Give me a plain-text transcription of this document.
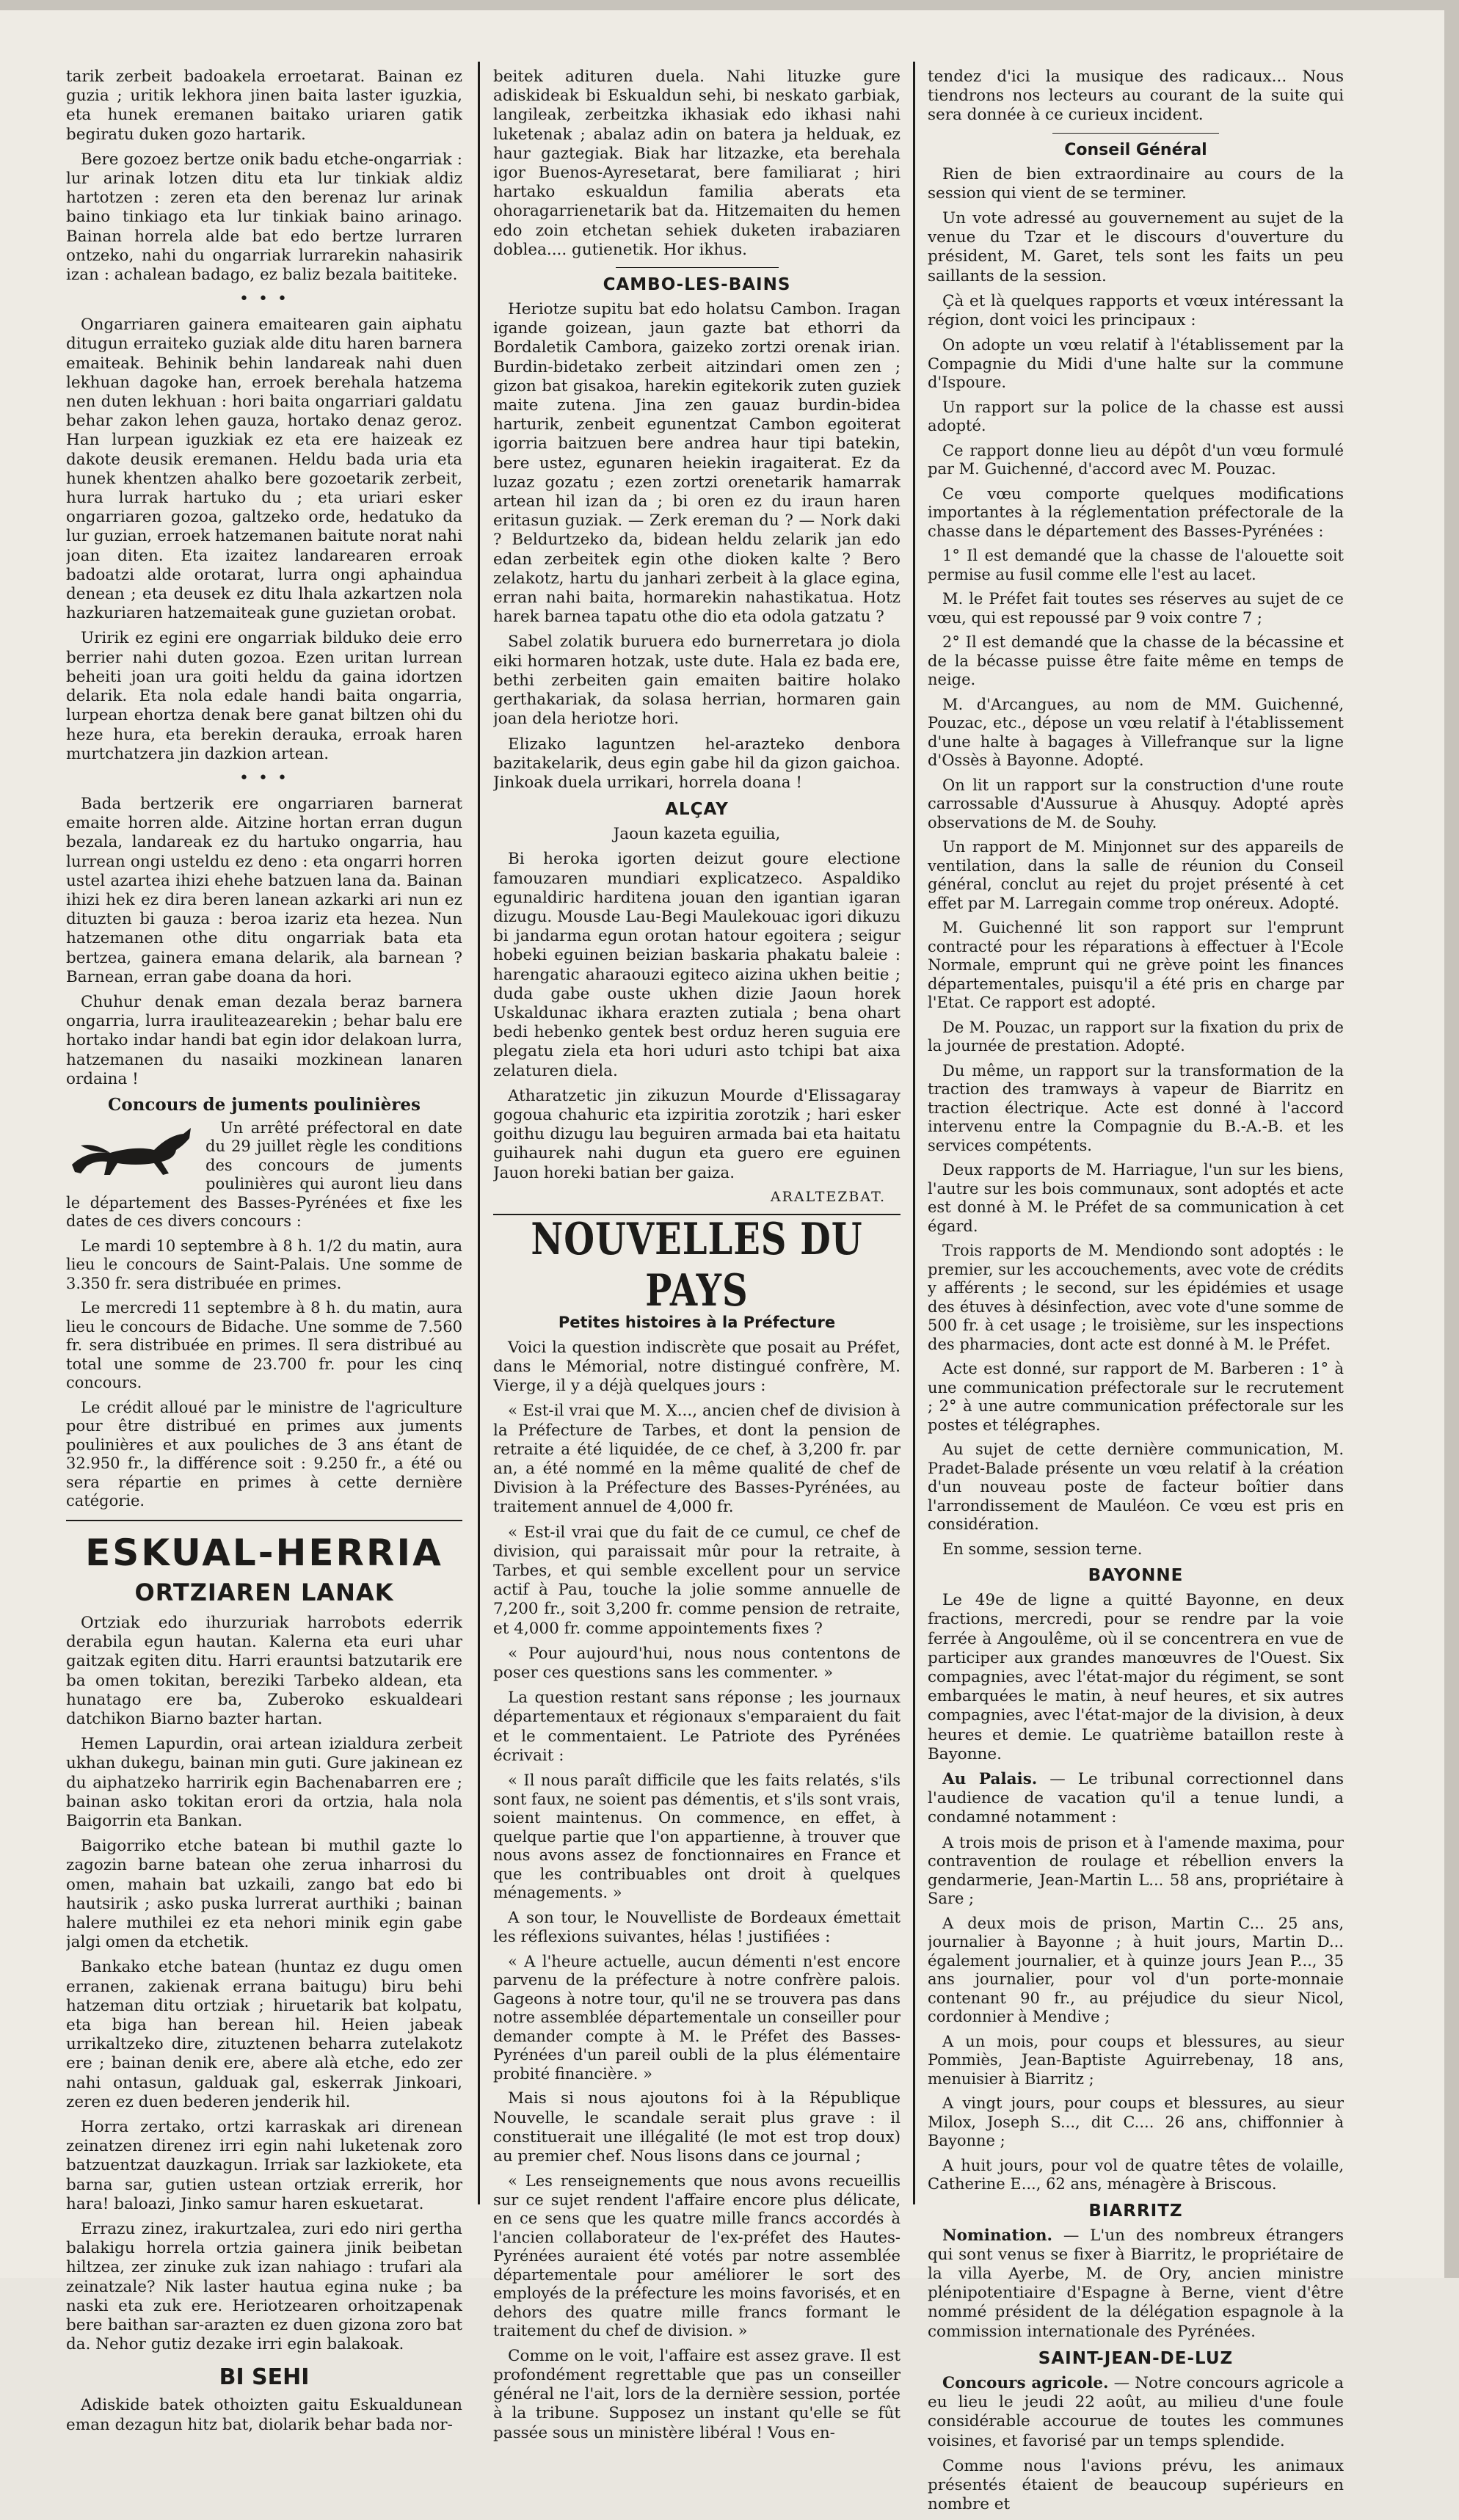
tarik zerbeit badoakela erroetarat. Bainan ez guzia ; uritik lekhora jinen baita laster iguzkia, eta hunek eremanen baitako uriaren gatik begiratu duken gozo hartarik.

Bere gozoez bertze onik badu etche-ongarriak : lur arinak lotzen ditu eta lur tinkiak aldiz hartotzen : zeren eta den berenaz lur arinak baino tinkiago eta lur tinkiak baino arinago. Bainan horrela alde bat edo bertze lurraren ontzeko, nahi du ongarriak lurrarekin nahasirik izan : achalean badago, ez baliz bezala baititeke.

• • •

Ongarriaren gainera emaitearen gain aiphatu ditugun erraiteko guziak alde ditu haren barnera emaiteak. Behinik behin landareak nahi duen lekhuan dagoke han, erroek berehala hatzema nen duten lekhuan : hori baita ongarriari galdatu behar zakon lehen gauza, hortako denaz geroz. Han lurpean iguzkiak ez eta ere haizeak ez dakote deusik eremanen. Heldu bada uria eta hunek khentzen ahalko bere gozoetarik zerbeit, hura lurrak hartuko du ; eta uriari esker ongarriaren gozoa, galtzeko orde, hedatuko da lur guzian, erroek hatzemanen baitute norat nahi joan diten. Eta izaitez landarearen erroak badoatzi alde orotarat, lurra ongi aphaindua denean ; eta deusek ez ditu lhala azkartzen nola hazkuriaren hatzemaiteak gune guzietan orobat.

Uririk ez egini ere ongarriak bilduko deie erro berrier nahi duten gozoa. Ezen uritan lurrean beheiti joan ura goiti heldu da gaina idortzen delarik. Eta nola edale handi baita ongarria, lurpean ehortza denak bere ganat biltzen ohi du heze hura, eta berekin derauka, erroak haren murtchatzera jin dazkion artean.

• • •

Bada bertzerik ere ongarriaren barnerat emaite horren alde. Aitzine hortan erran dugun bezala, landareak ez du hartuko ongarria, hau lurrean ongi usteldu ez deno : eta ongarri horren ustel azartea ihizi ehehe batzuen lana da. Bainan ihizi hek ez dira beren lanean azkarki ari nun ez dituzten bi gauza : beroa izariz eta hezea. Nun hatzemanen othe ditu ongarriak bata eta bertzea, gainera emana delarik, ala barnean ? Barnean, erran gabe doana da hori.

Chuhur denak eman dezala beraz barnera ongarria, lurra irauliteazearekin ; behar balu ere hortako indar handi bat egin idor delakoan lurra, hatzemanen du nasaiki mozkinean lanaren ordaina !

Concours de juments poulinières

Un arrêté préfectoral en date du 29 juillet règle les conditions des concours de juments poulinières qui auront lieu dans le département des Basses-Pyrénées et fixe les dates de ces divers concours :

Le mardi 10 septembre à 8 h. 1/2 du matin, aura lieu le concours de Saint-Palais. Une somme de 3.350 fr. sera distribuée en primes.

Le mercredi 11 septembre à 8 h. du matin, aura lieu le concours de Bidache. Une somme de 7.560 fr. sera distribuée en primes. Il sera distribué au total une somme de 23.700 fr. pour les cinq concours.

Le crédit alloué par le ministre de l'agriculture pour être distribué en primes aux juments poulinières et aux pouliches de 3 ans étant de 32.950 fr., la différence soit : 9.250 fr., a été ou sera répartie en primes à cette dernière catégorie.

ESKUAL-HERRIA
ORTZIAREN LANAK

Ortziak edo ihurzuriak harrobots ederrik derabila egun hautan. Kalerna eta euri uhar gaitzak egiten ditu. Harri erauntsi batzutarik ere ba omen tokitan, bereziki Tarbeko aldean, eta hunatago ere ba, Zuberoko eskualdeari datchikon Biarno bazter hartan.

Hemen Lapurdin, orai artean izialdura zerbeit ukhan dukegu, bainan min guti. Gure jakinean ez du aiphatzeko harririk egin Bachenabarren ere ; bainan asko tokitan erori da ortzia, hala nola Baigorrin eta Bankan.

Baigorriko etche batean bi muthil gazte lo zagozin barne batean ohe zerua inharrosi du omen, mahain bat uzkaili, zango bat edo bi hautsirik ; asko puska lurrerat aurthiki ; bainan halere muthilei ez eta nehori minik egin gabe jalgi omen da etchetik.

Bankako etche batean (huntaz ez dugu omen erranen, zakienak errana baitugu) biru behi hatzeman ditu ortziak ; hiruetarik bat kolpatu, eta biga han berean hil. Heien jabeak urrikaltzeko dire, zituztenen beharra zutelakotz ere ; bainan denik ere, abere alà etche, edo zer nahi ontasun, galduak gal, eskerrak Jinkoari, zeren ez duen bederen jenderik hil.

Horra zertako, ortzi karraskak ari direnean zeinatzen direnez irri egin nahi luketenak zoro batzuentzat dauzkagun. Irriak sar lazkiokete, eta barna sar, gutien ustean ortziak errerik, hor hara! baloazi, Jinko samur haren eskuetarat.

Errazu zinez, irakurtzalea, zuri edo niri gertha balakigu horrela ortzia gainera jinik beibetan hiltzea, zer zinuke zuk izan nahiago : trufari ala zeinatzale? Nik laster hautua egina nuke ; ba naski eta zuk ere. Heriotzearen orhoitzapenak bere baithan sar-arazten ez duen gizona zoro bat da. Nehor gutiz dezake irri egin balakoak.

BI SEHI

Adiskide batek othoizten gaitu Eskualdunean eman dezagun hitz bat, diolarik behar bada nor-

beitek adituren duela. Nahi lituzke gure adiskideak bi Eskualdun sehi, bi neskato garbiak, langileak, zerbeitzka ikhasiak edo ikhasi nahi luketenak ; abalaz adin on batera ja helduak, ez haur gaztegiak. Biak har litzazke, eta berehala igor Buenos-Ayresetarat, bere familiarat ; hiri hartako eskualdun familia aberats eta ohoragarrienetarik bat da. Hitzemaiten du hemen edo zoin etchetan sehiek duketen irabaziaren doblea.... gutienetik. Hor ikhus.

CAMBO-LES-BAINS

Heriotze supitu bat edo holatsu Cambon. Iragan igande goizean, jaun gazte bat ethorri da Bordaletik Cambora, gaizeko zortzi orenak irian. Burdin-bidetako zerbeit aitzindari omen zen ; gizon bat gisakoa, harekin egitekorik zuten guziek maite zutena. Jina zen gauaz burdin-bidea harturik, zenbeit egunentzat Cambon egoiterat igorria baitzuen bere andrea haur tipi batekin, bere ustez, egunaren heiekin iragaiterat. Ez da luzaz gozatu ; ezen zortzi orenetarik hamarrak artean hil izan da ; bi oren ez du iraun haren eritasun guziak. — Zerk ereman du ? — Nork daki ? Beldurtzeko da, bidean heldu zelarik jan edo edan zerbeitek egin othe dioken kalte ? Bero zelakotz, hartu du janhari zerbeit à la glace egina, erran nahi baita, hormarekin nahastikatua. Hotz harek barnea tapatu othe dio eta odola gatzatu ?

Sabel zolatik buruera edo burnerretara jo diola eiki hormaren hotzak, uste dute. Hala ez bada ere, bethi zerbeiten gain emaiten baitire holako gerthakariak, da solasa herrian, hormaren gain joan dela heriotze hori.

Elizako laguntzen hel-arazteko denbora bazitakelarik, deus egin gabe hil da gizon gaichoa. Jinkoak duela urrikari, horrela doana !

ALÇAY

Jaoun kazeta eguilia,

Bi heroka igorten deizut goure electione famouzaren mundiari explicatzeco. Aspaldiko egunaldiric harditena jouan den igantian igaran dizugu. Mousde Lau-Begi Maulekouac igori dikuzu bi jandarma egun orotan hatour egoitera ; seigur hobeki eguinen beizian baskaria phakatu baleie : harengatic aharaouzi egiteco aizina ukhen beitie ; duda gabe ouste ukhen dizie Jaoun horek Uskaldunac ikhara erazten zutiala ; bena ohart bedi hebenko gentek best orduz heren suguia ere plegatu ziela eta hori uduri asto tchipi bat aixa zelaturen diela.

Atharatzetic jin zikuzun Mourde d'Elissagaray gogoua chahuric eta izpiritia zorotzik ; hari esker goithu dizugu lau beguiren armada bai eta haitatu guihaurek nahi dugun eta guero ere eguinen Jauon horeki batian ber gaiza.

ARALTEZBAT.
NOUVELLES DU PAYS
Petites histoires à la Préfecture

Voici la question indiscrète que posait au Préfet, dans le Mémorial, notre distingué confrère, M. Vierge, il y a déjà quelques jours :

« Est-il vrai que M. X..., ancien chef de division à la Préfecture de Tarbes, et dont la pension de retraite a été liquidée, de ce chef, à 3,200 fr. par an, a été nommé en la même qualité de chef de Division à la Préfecture des Basses-Pyrénées, au traitement annuel de 4,000 fr.

« Est-il vrai que du fait de ce cumul, ce chef de division, qui paraissait mûr pour la retraite, à Tarbes, et qui semble excellent pour un service actif à Pau, touche la jolie somme annuelle de 7,200 fr., soit 3,200 fr. comme pension de retraite, et 4,000 fr. comme appointements fixes ?

« Pour aujourd'hui, nous nous contentons de poser ces questions sans les commenter. »

La question restant sans réponse ; les journaux départementaux et régionaux s'emparaient du fait et le commentaient. Le Patriote des Pyrénées écrivait :

« Il nous paraît difficile que les faits relatés, s'ils sont faux, ne soient pas démentis, et s'ils sont vrais, soient maintenus. On commence, en effet, à quelque partie que l'on appartienne, à trouver que nous avons assez de fonctionnaires en France et que les contribuables ont droit à quelques ménagements. »

A son tour, le Nouvelliste de Bordeaux émettait les réflexions suivantes, hélas ! justifiées :

« A l'heure actuelle, aucun démenti n'est encore parvenu de la préfecture à notre confrère palois. Gageons à notre tour, qu'il ne se trouvera pas dans notre assemblée départementale un conseiller pour demander compte à M. le Préfet des Basses-Pyrénées d'un pareil oubli de la plus élémentaire probité financière. »

Mais si nous ajoutons foi à la République Nouvelle, le scandale serait plus grave : il constituerait une illégalité (le mot est trop doux) au premier chef. Nous lisons dans ce journal ;

« Les renseignements que nous avons recueillis sur ce sujet rendent l'affaire encore plus délicate, en ce sens que les quatre mille francs accordés à l'ancien collaborateur de l'ex-préfet des Hautes-Pyrénées auraient été votés par notre assemblée départementale pour améliorer le sort des employés de la préfecture les moins favorisés, et en dehors des quatre mille francs formant le traitement du chef de division. »

Comme on le voit, l'affaire est assez grave. Il est profondément regrettable que pas un conseiller général ne l'ait, lors de la dernière session, portée à la tribune. Supposez un instant qu'elle se fût passée sous un ministère libéral ! Vous en-

tendez d'ici la musique des radicaux... Nous tiendrons nos lecteurs au courant de la suite qui sera donnée à ce curieux incident.

Conseil Général

Rien de bien extraordinaire au cours de la session qui vient de se terminer.

Un vote adressé au gouvernement au sujet de la venue du Tzar et le discours d'ouverture du président, M. Garet, tels sont les faits un peu saillants de la session.

Çà et là quelques rapports et vœux intéressant la région, dont voici les principaux :

On adopte un vœu relatif à l'établissement par la Compagnie du Midi d'une halte sur la commune d'Ispoure.

Un rapport sur la police de la chasse est aussi adopté.

Ce rapport donne lieu au dépôt d'un vœu formulé par M. Guichenné, d'accord avec M. Pouzac.

Ce vœu comporte quelques modifications importantes à la réglementation préfectorale de la chasse dans le département des Basses-Pyrénées :

1° Il est demandé que la chasse de l'alouette soit permise au fusil comme elle l'est au lacet.

M. le Préfet fait toutes ses réserves au sujet de ce vœu, qui est repoussé par 9 voix contre 7 ;

2° Il est demandé que la chasse de la bécassine et de la bécasse puisse être faite même en temps de neige.

M. d'Arcangues, au nom de MM. Guichenné, Pouzac, etc., dépose un vœu relatif à l'établissement d'une halte à bagages à Villefranque sur la ligne d'Ossès à Bayonne. Adopté.

On lit un rapport sur la construction d'une route carrossable d'Aussurue à Ahusquy. Adopté après observations de M. de Souhy.

Un rapport de M. Minjonnet sur des appareils de ventilation, dans la salle de réunion du Conseil général, conclut au rejet du projet présenté à cet effet par M. Larregain comme trop onéreux. Adopté.

M. Guichenné lit son rapport sur l'emprunt contracté pour les réparations à effectuer à l'Ecole Normale, emprunt qui ne grève point les finances départementales, puisqu'il a été pris en charge par l'Etat. Ce rapport est adopté.

De M. Pouzac, un rapport sur la fixation du prix de la journée de prestation. Adopté.

Du même, un rapport sur la transformation de la traction des tramways à vapeur de Biarritz en traction électrique. Acte est donné à l'accord intervenu entre la Compagnie du B.-A.-B. et les services compétents.

Deux rapports de M. Harriague, l'un sur les biens, l'autre sur les bois communaux, sont adoptés et acte est donné à M. le Préfet de sa communication à cet égard.

Trois rapports de M. Mendiondo sont adoptés : le premier, sur les accouchements, avec vote de crédits y afférents ; le second, sur les épidémies et usage des étuves à désinfection, avec vote d'une somme de 500 fr. à cet usage ; le troisième, sur les inspections des pharmacies, dont acte est donné à M. le Préfet.

Acte est donné, sur rapport de M. Barberen : 1° à une communication préfectorale sur le recrutement ; 2° à une autre communication préfectorale sur les postes et télégraphes.

Au sujet de cette dernière communication, M. Pradet-Balade présente un vœu relatif à la création d'un nouveau poste de facteur boîtier dans l'arrondissement de Mauléon. Ce vœu est pris en considération.

En somme, session terne.

BAYONNE

Le 49e de ligne a quitté Bayonne, en deux fractions, mercredi, pour se rendre par la voie ferrée à Angoulême, où il se concentrera en vue de participer aux grandes manœuvres de l'Ouest. Six compagnies, avec l'état-major du régiment, se sont embarquées le matin, à neuf heures, et six autres compagnies, avec l'état-major de la division, à deux heures et demie. Le quatrième bataillon reste à Bayonne.

Au Palais. — Le tribunal correctionnel dans l'audience de vacation qu'il a tenue lundi, a condamné notamment :

A trois mois de prison et à l'amende maxima, pour contravention de roulage et rébellion envers la gendarmerie, Jean-Martin L... 58 ans, propriétaire à Sare ;

A deux mois de prison, Martin C... 25 ans, journalier à Bayonne ; à huit jours, Martin D... également journalier, et à quinze jours Jean P..., 35 ans journalier, pour vol d'un porte-monnaie contenant 90 fr., au préjudice du sieur Nicol, cordonnier à Mendive ;

A un mois, pour coups et blessures, au sieur Pommiès, Jean-Baptiste Aguirrebenay, 18 ans, menuisier à Biarritz ;

A vingt jours, pour coups et blessures, au sieur Milox, Joseph S..., dit C.... 26 ans, chiffonnier à Bayonne ;

A huit jours, pour vol de quatre têtes de volaille, Catherine E..., 62 ans, ménagère à Briscous.

BIARRITZ

Nomination. — L'un des nombreux étrangers qui sont venus se fixer à Biarritz, le propriétaire de la villa Ayerbe, M. de Ory, ancien ministre plénipotentiaire d'Espagne à Berne, vient d'être nommé président de la délégation espagnole à la commission internationale des Pyrénées.

SAINT-JEAN-DE-LUZ

Concours agricole. — Notre concours agricole a eu lieu le jeudi 22 août, au milieu d'une foule considérable accourue de toutes les communes voisines, et favorisé par un temps splendide.

Comme nous l'avions prévu, les animaux présentés étaient de beaucoup supérieurs en nombre et
